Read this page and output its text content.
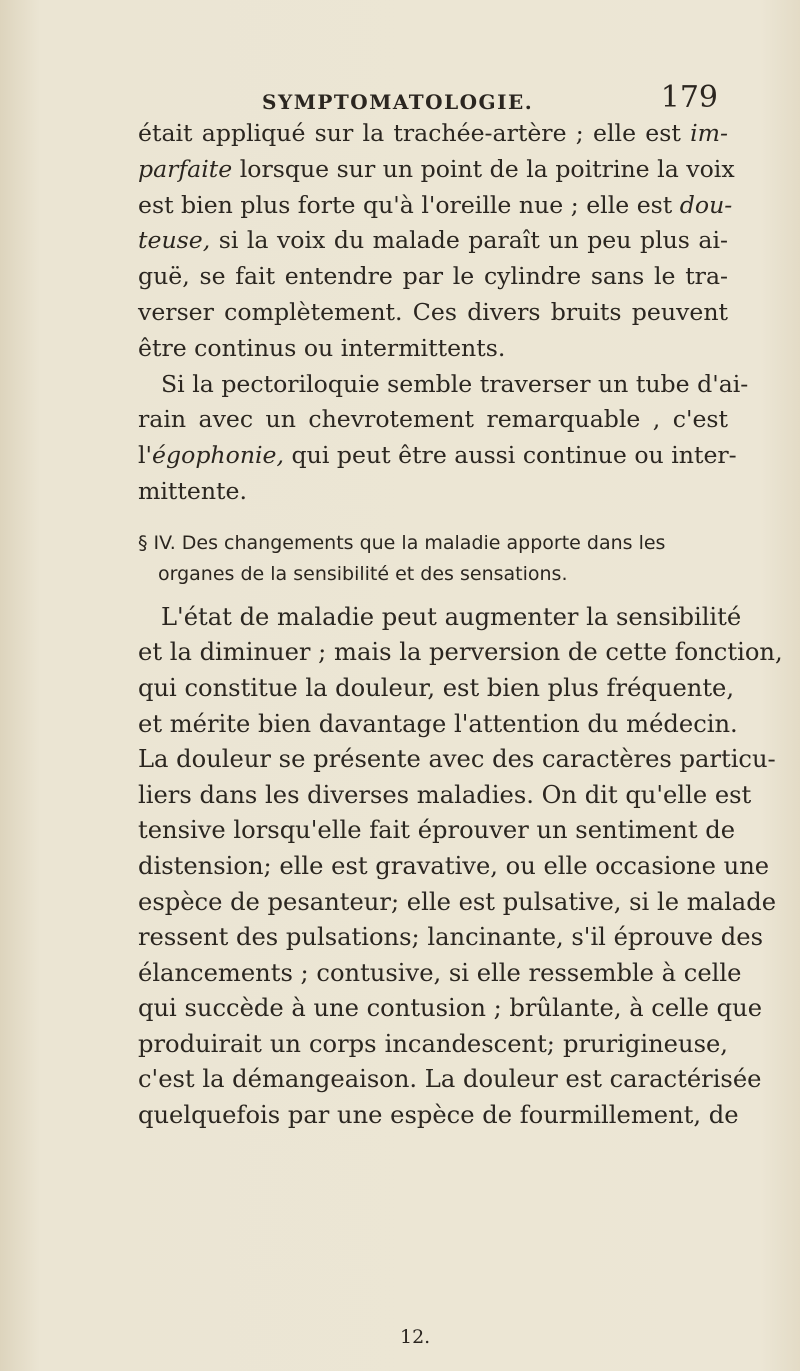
SYMPTOMATOLOGIE.	179
était appliqué sur la trachée-artère ; elle est im-
parfaite lorsque sur un point de la poitrine la voix
est bien plus forte qu'à l'oreille nue ; elle est dou-
teuse, si la voix du malade paraît un peu plus ai-
guë, se fait entendre par le cylindre sans le tra-
verser complètement. Ces divers bruits peuvent
être continus ou intermittents.
Si la pectoriloquie semble traverser un tube d'ai-
rain avec un chevrotement remarquable , c'est
l'égophonie, qui peut être aussi continue ou inter-
mittente.
§ IV. Des changements que la maladie apporte dans les
organes de la sensibilité et des sensations.
L'état de maladie peut augmenter la sensibilité
et la diminuer ; mais la perversion de cette fonction,
qui constitue la douleur, est bien plus fréquente,
et mérite bien davantage l'attention du médecin.
La douleur se présente avec des caractères particu-
liers dans les diverses maladies. On dit qu'elle est
tensive lorsqu'elle fait éprouver un sentiment de
distension; elle est gravative, ou elle occasione une
espèce de pesanteur; elle est pulsative, si le malade
ressent des pulsations; lancinante, s'il éprouve des
élancements ; contusive, si elle ressemble à celle
qui succède à une contusion ; brûlante, à celle que
produirait un corps incandescent; prurigineuse,
c'est la démangeaison. La douleur est caractérisée
quelquefois par une espèce de fourmillement, de
12.
